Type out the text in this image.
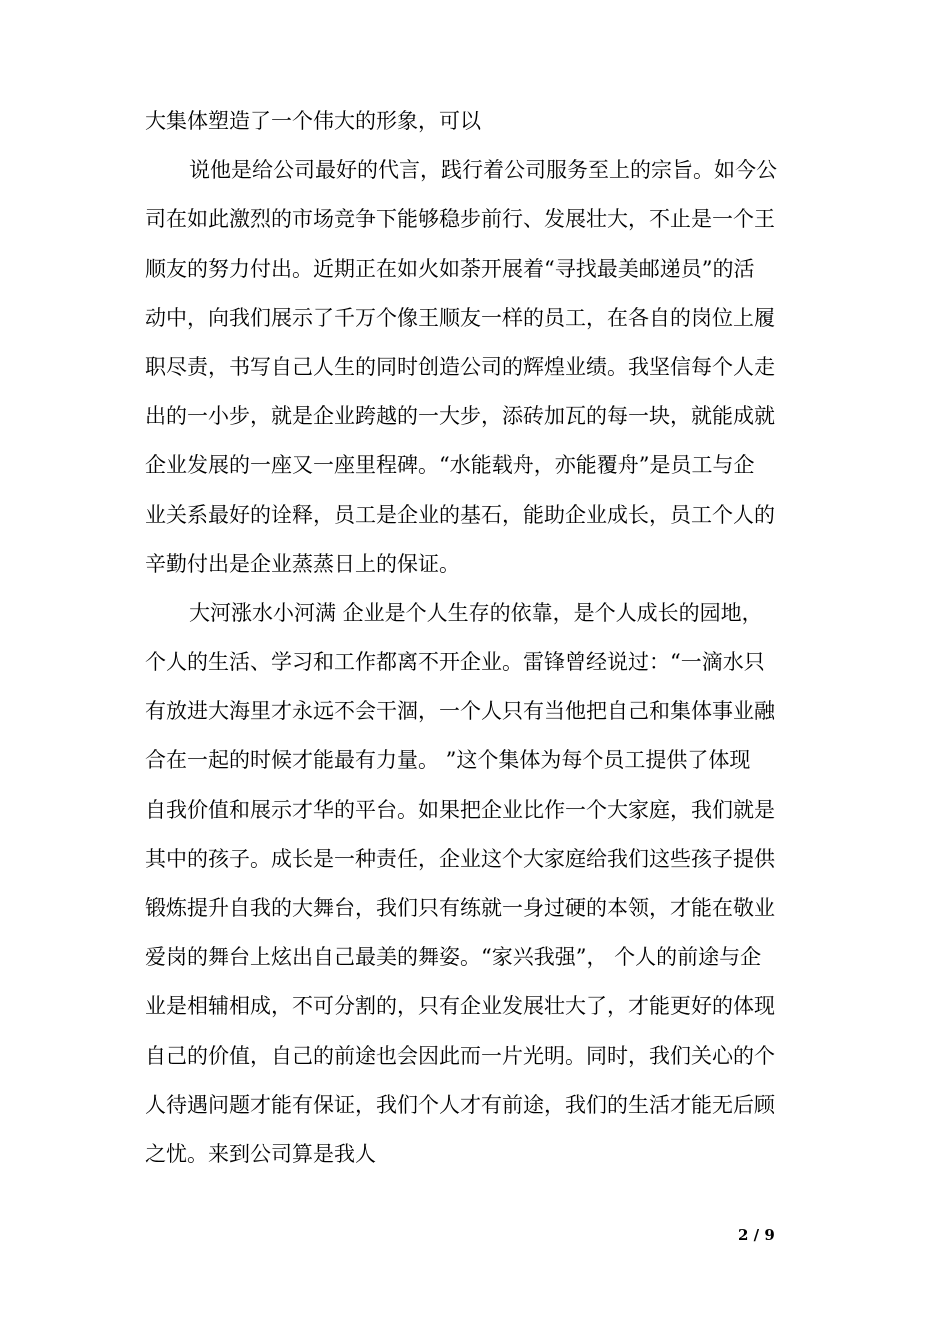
大集体塑造了一个伟大的形象，可以
说他是给公司最好的代言，践行着公司服务至上的宗旨。如今公
司在如此激烈的市场竞争下能够稳步前行、发展壮大，不止是一个王
顺友的努力付出。近期正在如火如荼开展着“寻找最美邮递员”的活
动中，向我们展示了千万个像王顺友一样的员工，在各自的岗位上履
职尽责，书写自己人生的同时创造公司的辉煌业绩。我坚信每个人走
出的一小步，就是企业跨越的一大步，添砖加瓦的每一块，就能成就
企业发展的一座又一座里程碑。“水能载舟，亦能覆舟”是员工与企
业关系最好的诠释，员工是企业的基石，能助企业成长，员工个人的
辛勤付出是企业蒸蒸日上的保证。
大河涨水小河满 企业是个人生存的依靠，是个人成长的园地，
个人的生活、学习和工作都离不开企业。雷锋曾经说过：“一滴水只
有放进大海里才永远不会干涸，一个人只有当他把自己和集体事业融
合在一起的时候才能最有力量。 ”这个集体为每个员工提供了体现
自我价值和展示才华的平台。如果把企业比作一个大家庭，我们就是
其中的孩子。成长是一种责任，企业这个大家庭给我们这些孩子提供
锻炼提升自我的大舞台，我们只有练就一身过硬的本领，才能在敬业
爱岗的舞台上炫出自己最美的舞姿。“家兴我强”， 个人的前途与企
业是相辅相成，不可分割的，只有企业发展壮大了，才能更好的体现
自己的价值，自己的前途也会因此而一片光明。同时，我们关心的个
人待遇问题才能有保证，我们个人才有前途，我们的生活才能无后顾
之忧。来到公司算是我人
2 / 9
